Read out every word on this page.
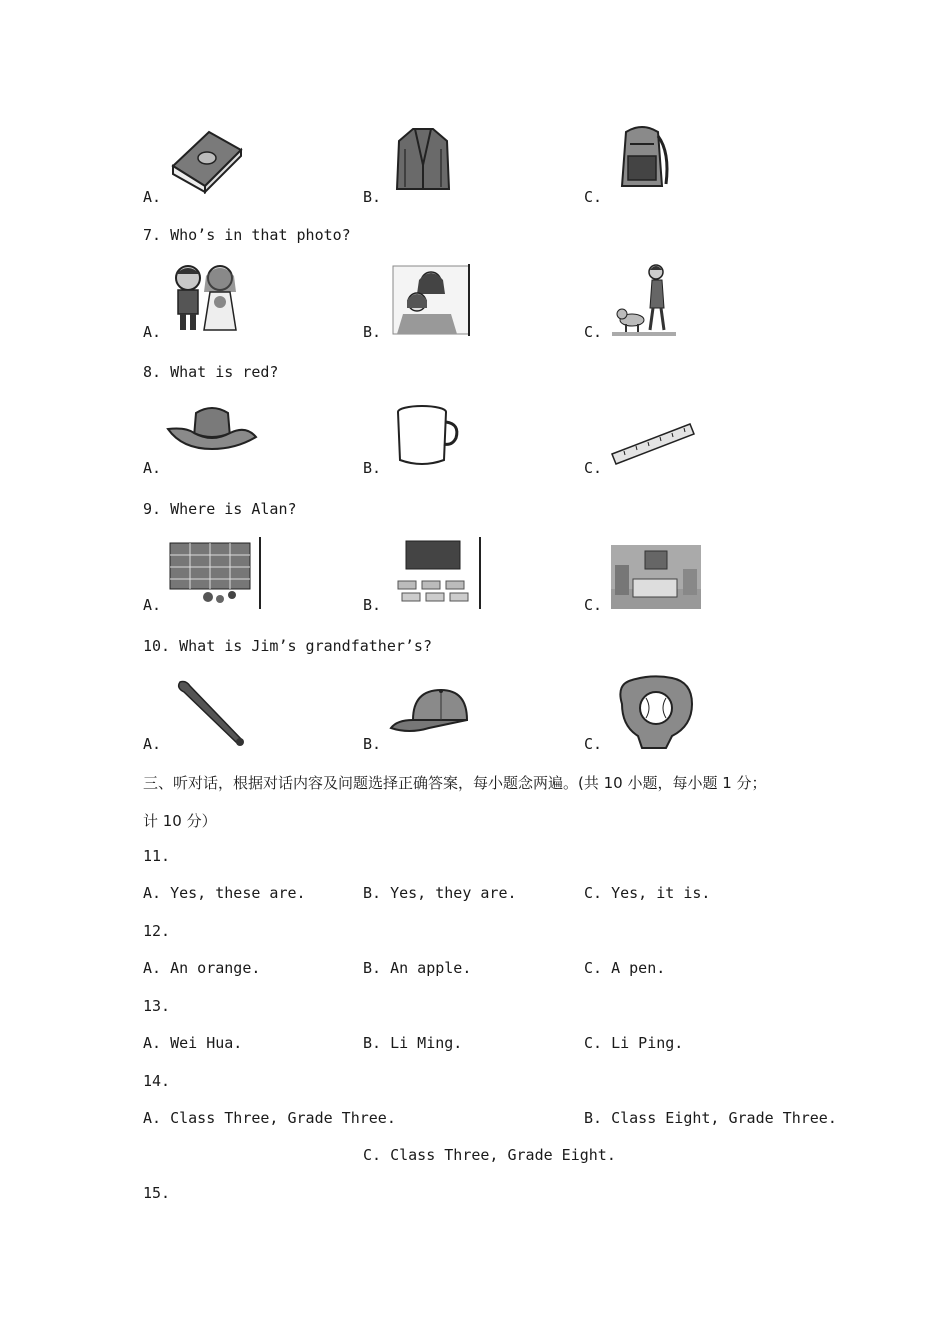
A.	B.	C.
7. Who’s in that photo?
A.	B.	C.
8. What is red?
A.	B.	C.
9. Where is Alan?
A.	B.	C.
10. What is Jim’s grandfather’s?
A.	B.	C.
三、听对话，根据对话内容及问题选择正确答案，每小题念两遍。(共 10 小题，每小题 1 分；
计 10 分）
11.
A. Yes, these are.	B. Yes, they are.	C. Yes, it is.
12.
A. An orange.	B. An apple.	C. A pen.
13.
A. Wei Hua.	B. Li Ming.	C. Li Ping.
14.
A. Class Three, Grade Three.	B. Class Eight, Grade Three.
C. Class Three, Grade Eight.
15.
